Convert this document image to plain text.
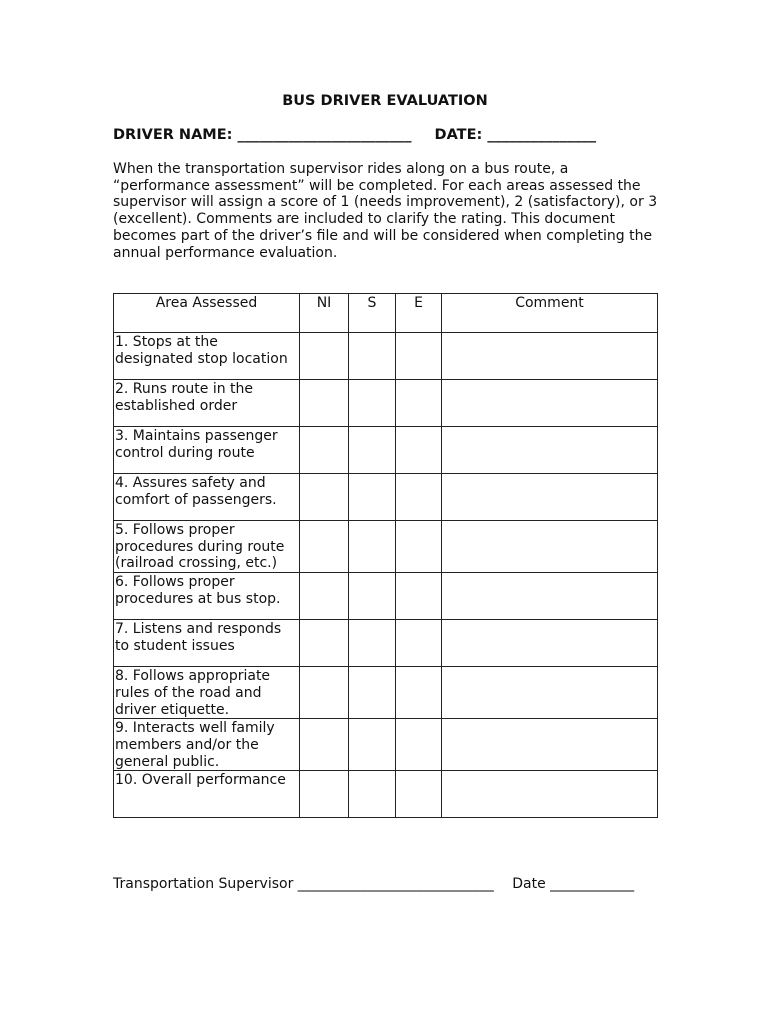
BUS DRIVER EVALUATION
DRIVER NAME: ________________________ DATE: _______________

When the transportation supervisor rides along on a bus route, a

“performance assessment” will be completed. For each areas assessed the

supervisor will assign a score of 1 (needs improvement), 2 (satisfactory), or 3

(excellent). Comments are included to clarify the rating. This document

becomes part of the driver’s file and will be considered when completing the

annual performance evaluation.

Area Assessed	NI	S	E	Comment

1. Stops at the
designated stop location				

2. Runs route in the
established order				

3. Maintains passenger
control during route				

4. Assures safety and
comfort of passengers.				

5. Follows proper
procedures during route
(railroad crossing, etc.)				

6. Follows proper
procedures at bus stop.				

7. Listens and responds
to student issues				

8. Follows appropriate
rules of the road and
driver etiquette.				

9. Interacts well family
members and/or the
general public.				

10. Overall performance				

Transportation Supervisor ____________________________ Date ____________
